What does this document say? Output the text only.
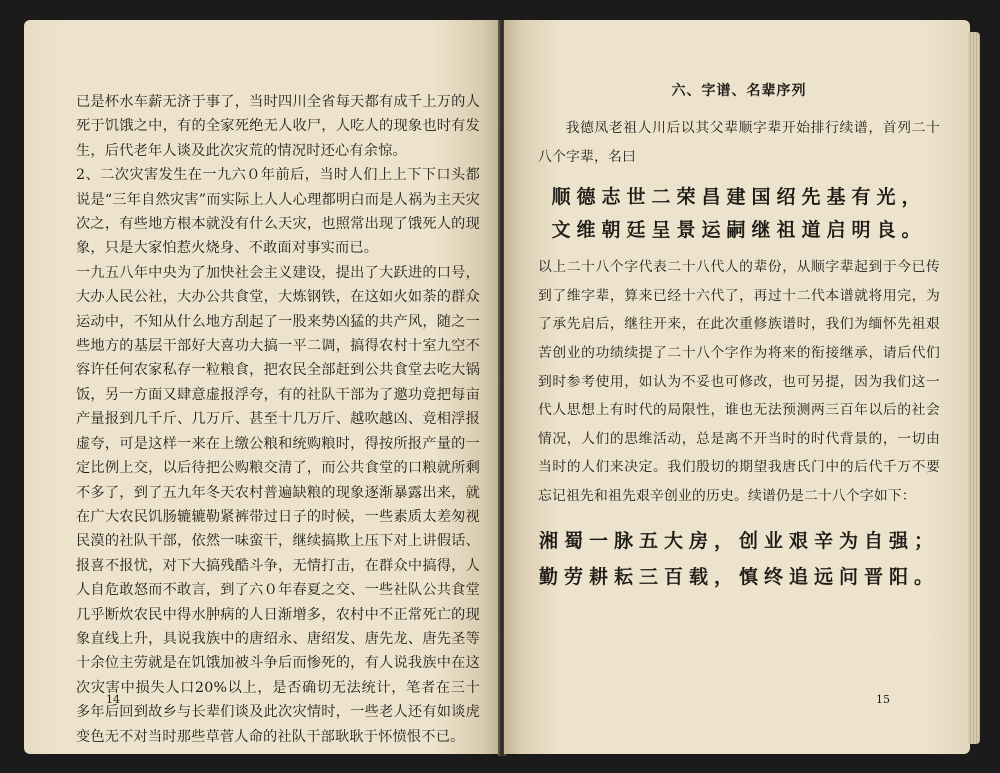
已是杯水车薪无济于事了，当时四川全省每天都有成千上万的人死于饥饿之中，有的全家死绝无人收尸，人吃人的现象也时有发生，后代老年人谈及此次灾荒的情况时还心有余惊。

2、二次灾害发生在一九六０年前后，当时人们上上下下口头都说是“三年自然灾害”而实际上人人心理都明白而是人祸为主天灾次之，有些地方根本就没有什么天灾，也照常出现了饿死人的现象，只是大家怕惹火烧身、不敢面对事实而已。

一九五八年中央为了加快社会主义建设，提出了大跃进的口号，大办人民公社，大办公共食堂，大炼钢铁，在这如火如荼的群众运动中，不知从什么地方刮起了一股来势凶猛的共产风，随之一些地方的基层干部好大喜功大搞一平二调，搞得农村十室九空不容许任何农家私存一粒粮食，把农民全部赶到公共食堂去吃大锅饭，另一方面又肆意虚报浮夸，有的社队干部为了邀功竟把每亩产量报到几千斤、几万斤、甚至十几万斤、越吹越凶、竟相浮报虚夸，可是这样一来在上缴公粮和统购粮时，得按所报产量的一定比例上交，以后待把公购粮交清了，而公共食堂的口粮就所剩不多了，到了五九年冬天农村普遍缺粮的现象逐渐暴露出来，就在广大农民饥肠辘辘勒紧裤带过日子的时候，一些素质太差匆视民漠的社队干部，依然一味蛮干，继续搞欺上压下对上讲假话、报喜不报忧，对下大搞残酷斗争，无情打击，在群众中搞得，人人自危敢怒而不敢言，到了六０年春夏之交、一些社队公共食堂几乎断炊农民中得水肿病的人日渐增多，农村中不正常死亡的现象直线上升，具说我族中的唐绍永、唐绍发、唐先龙、唐先圣等十余位主劳就是在饥饿加被斗争后而惨死的，有人说我族中在这次灾害中损失人口20%以上，是否确切无法统计，笔者在三十多年后回到故乡与长辈们谈及此次灾情时，一些老人还有如谈虎变色无不对当时那些草菅人命的社队干部耿耿于怀愤恨不已。

14
六、字谱、名辈序列

我德凤老祖人川后以其父辈顺字辈开始排行续谱，首列二十八个字辈，名曰

顺德志世二荣昌建国绍先基有光，

文维朝廷呈景运嗣继祖道启明良。

以上二十八个字代表二十八代人的辈份，从顺字辈起到于今已传到了维字辈，算来已经十六代了，再过十二代本谱就将用完，为了承先启后，继往开来，在此次重修族谱时，我们为缅怀先祖艰苦创业的功绩续提了二十八个字作为将来的衔接继承，请后代们到时参考使用，如认为不妥也可修改，也可另提，因为我们这一代人思想上有时代的局限性，谁也无法预测两三百年以后的社会情况，人们的思维活动，总是离不开当时的时代背景的，一切由当时的人们来决定。我们殷切的期望我唐氏门中的后代千万不要忘记祖先和祖先艰辛创业的历史。续谱仍是二十八个字如下：

湘蜀一脉五大房，创业艰辛为自强；

勤劳耕耘三百载，慎终追远问晋阳。

15
